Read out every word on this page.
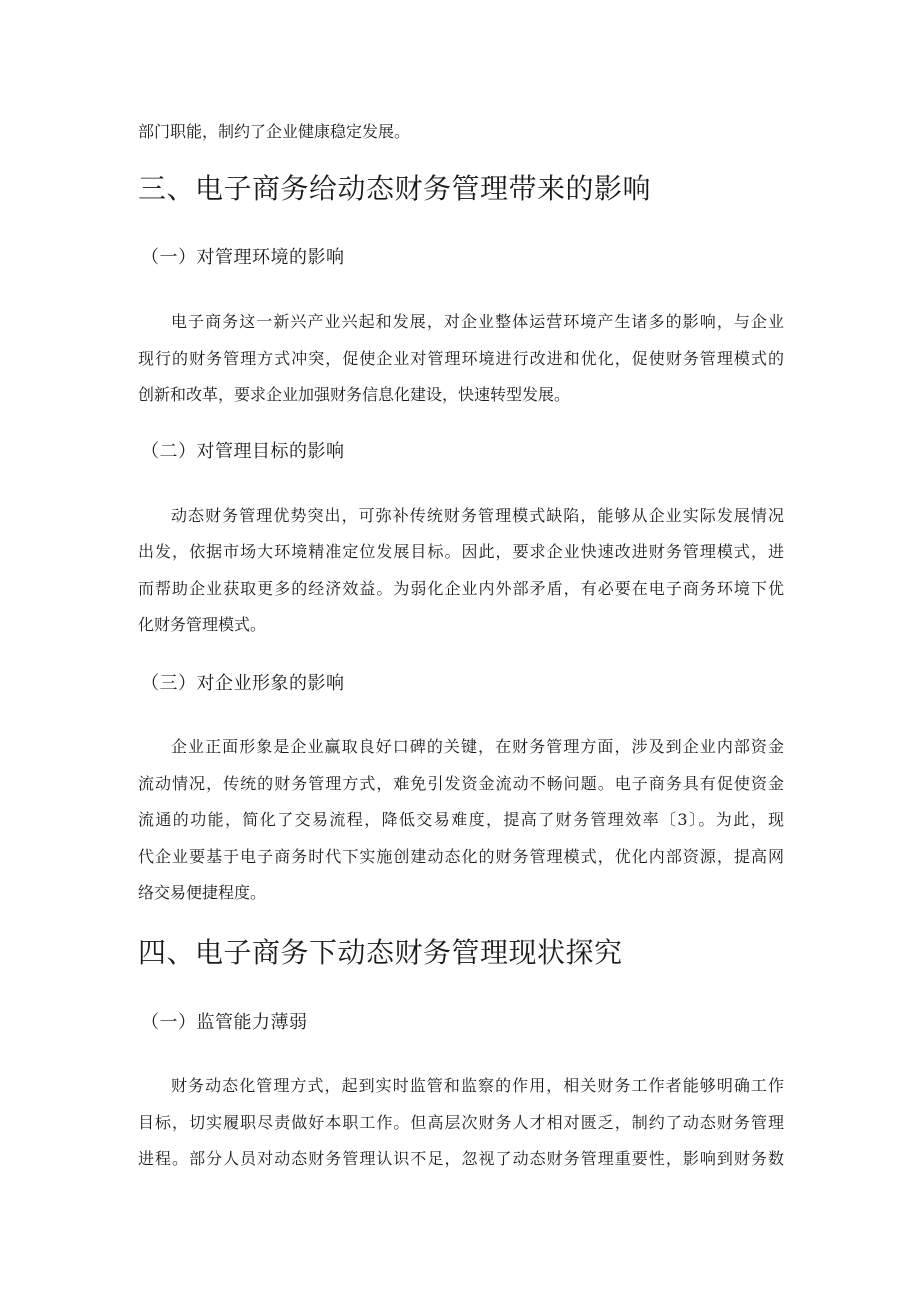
部门职能，制约了企业健康稳定发展。
三、电子商务给动态财务管理带来的影响
（一）对管理环境的影响
电子商务这一新兴产业兴起和发展，对企业整体运营环境产生诸多的影响，与企业
现行的财务管理方式冲突，促使企业对管理环境进行改进和优化，促使财务管理模式的
创新和改革，要求企业加强财务信息化建设，快速转型发展。
（二）对管理目标的影响
动态财务管理优势突出，可弥补传统财务管理模式缺陷，能够从企业实际发展情况
出发，依据市场大环境精准定位发展目标。因此，要求企业快速改进财务管理模式，进
而帮助企业获取更多的经济效益。为弱化企业内外部矛盾，有必要在电子商务环境下优
化财务管理模式。
（三）对企业形象的影响
企业正面形象是企业赢取良好口碑的关键，在财务管理方面，涉及到企业内部资金
流动情况，传统的财务管理方式，难免引发资金流动不畅问题。电子商务具有促使资金
流通的功能，简化了交易流程，降低交易难度，提高了财务管理效率〔3〕。为此，现
代企业要基于电子商务时代下实施创建动态化的财务管理模式，优化内部资源，提高网
络交易便捷程度。
四、电子商务下动态财务管理现状探究
（一）监管能力薄弱
财务动态化管理方式，起到实时监管和监察的作用，相关财务工作者能够明确工作
目标，切实履职尽责做好本职工作。但高层次财务人才相对匮乏，制约了动态财务管理
进程。部分人员对动态财务管理认识不足，忽视了动态财务管理重要性，影响到财务数
